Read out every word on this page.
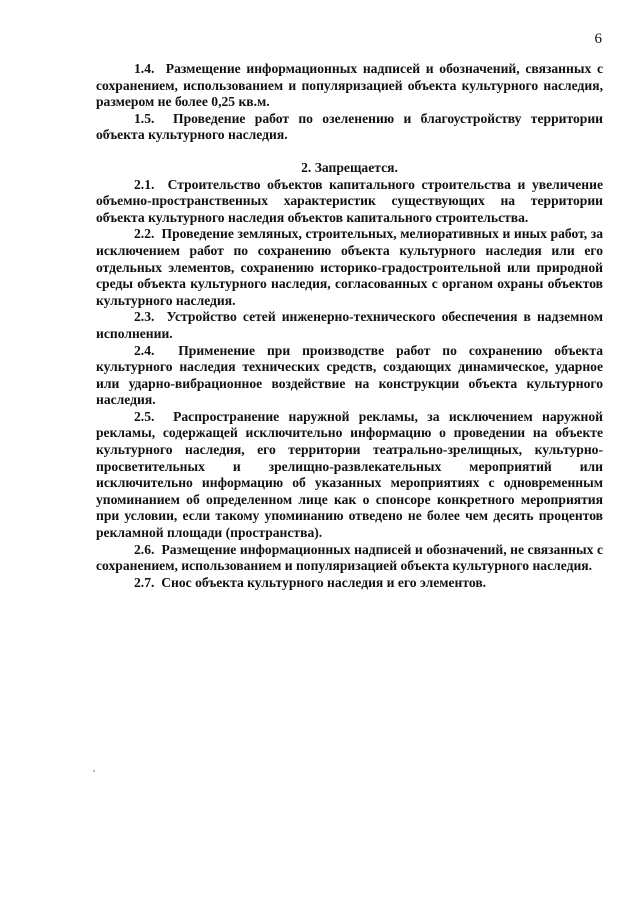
6

1.4.  Размещение информационных надписей и обозначений, связанных с сохранением, использованием и популяризацией объекта культурного наследия, размером не более 0,25 кв.м.

1.5.  Проведение работ по озеленению и благоустройству территории объекта культурного наследия.

2. Запрещается.

2.1.  Строительство объектов капитального строительства и увеличение объемно-пространственных характеристик существующих на территории объекта культурного наследия объектов капитального строительства.

2.2.  Проведение земляных, строительных, мелиоративных и иных работ, за исключением работ по сохранению объекта культурного наследия или его отдельных элементов, сохранению историко-градостроительной или природной среды объекта культурного наследия, согласованных с органом охраны объектов культурного наследия.

2.3.  Устройство сетей инженерно-технического обеспечения в надземном исполнении.

2.4.  Применение при производстве работ по сохранению объекта культурного наследия технических средств, создающих динамическое, ударное или ударно-вибрационное воздействие на конструкции объекта культурного наследия.

2.5.  Распространение наружной рекламы, за исключением наружной рекламы, содержащей исключительно информацию о проведении на объекте культурного наследия, его территории театрально-зрелищных, культурно-просветительных и зрелищно-развлекательных мероприятий или исключительно информацию об указанных мероприятиях с одновременным упоминанием об определенном лице как о спонсоре конкретного мероприятия при условии, если такому упоминанию отведено не более чем десять процентов рекламной площади (пространства).

2.6.  Размещение информационных надписей и обозначений, не связанных с сохранением, использованием и популяризацией объекта культурного наследия.

2.7.  Снос объекта культурного наследия и его элементов.
